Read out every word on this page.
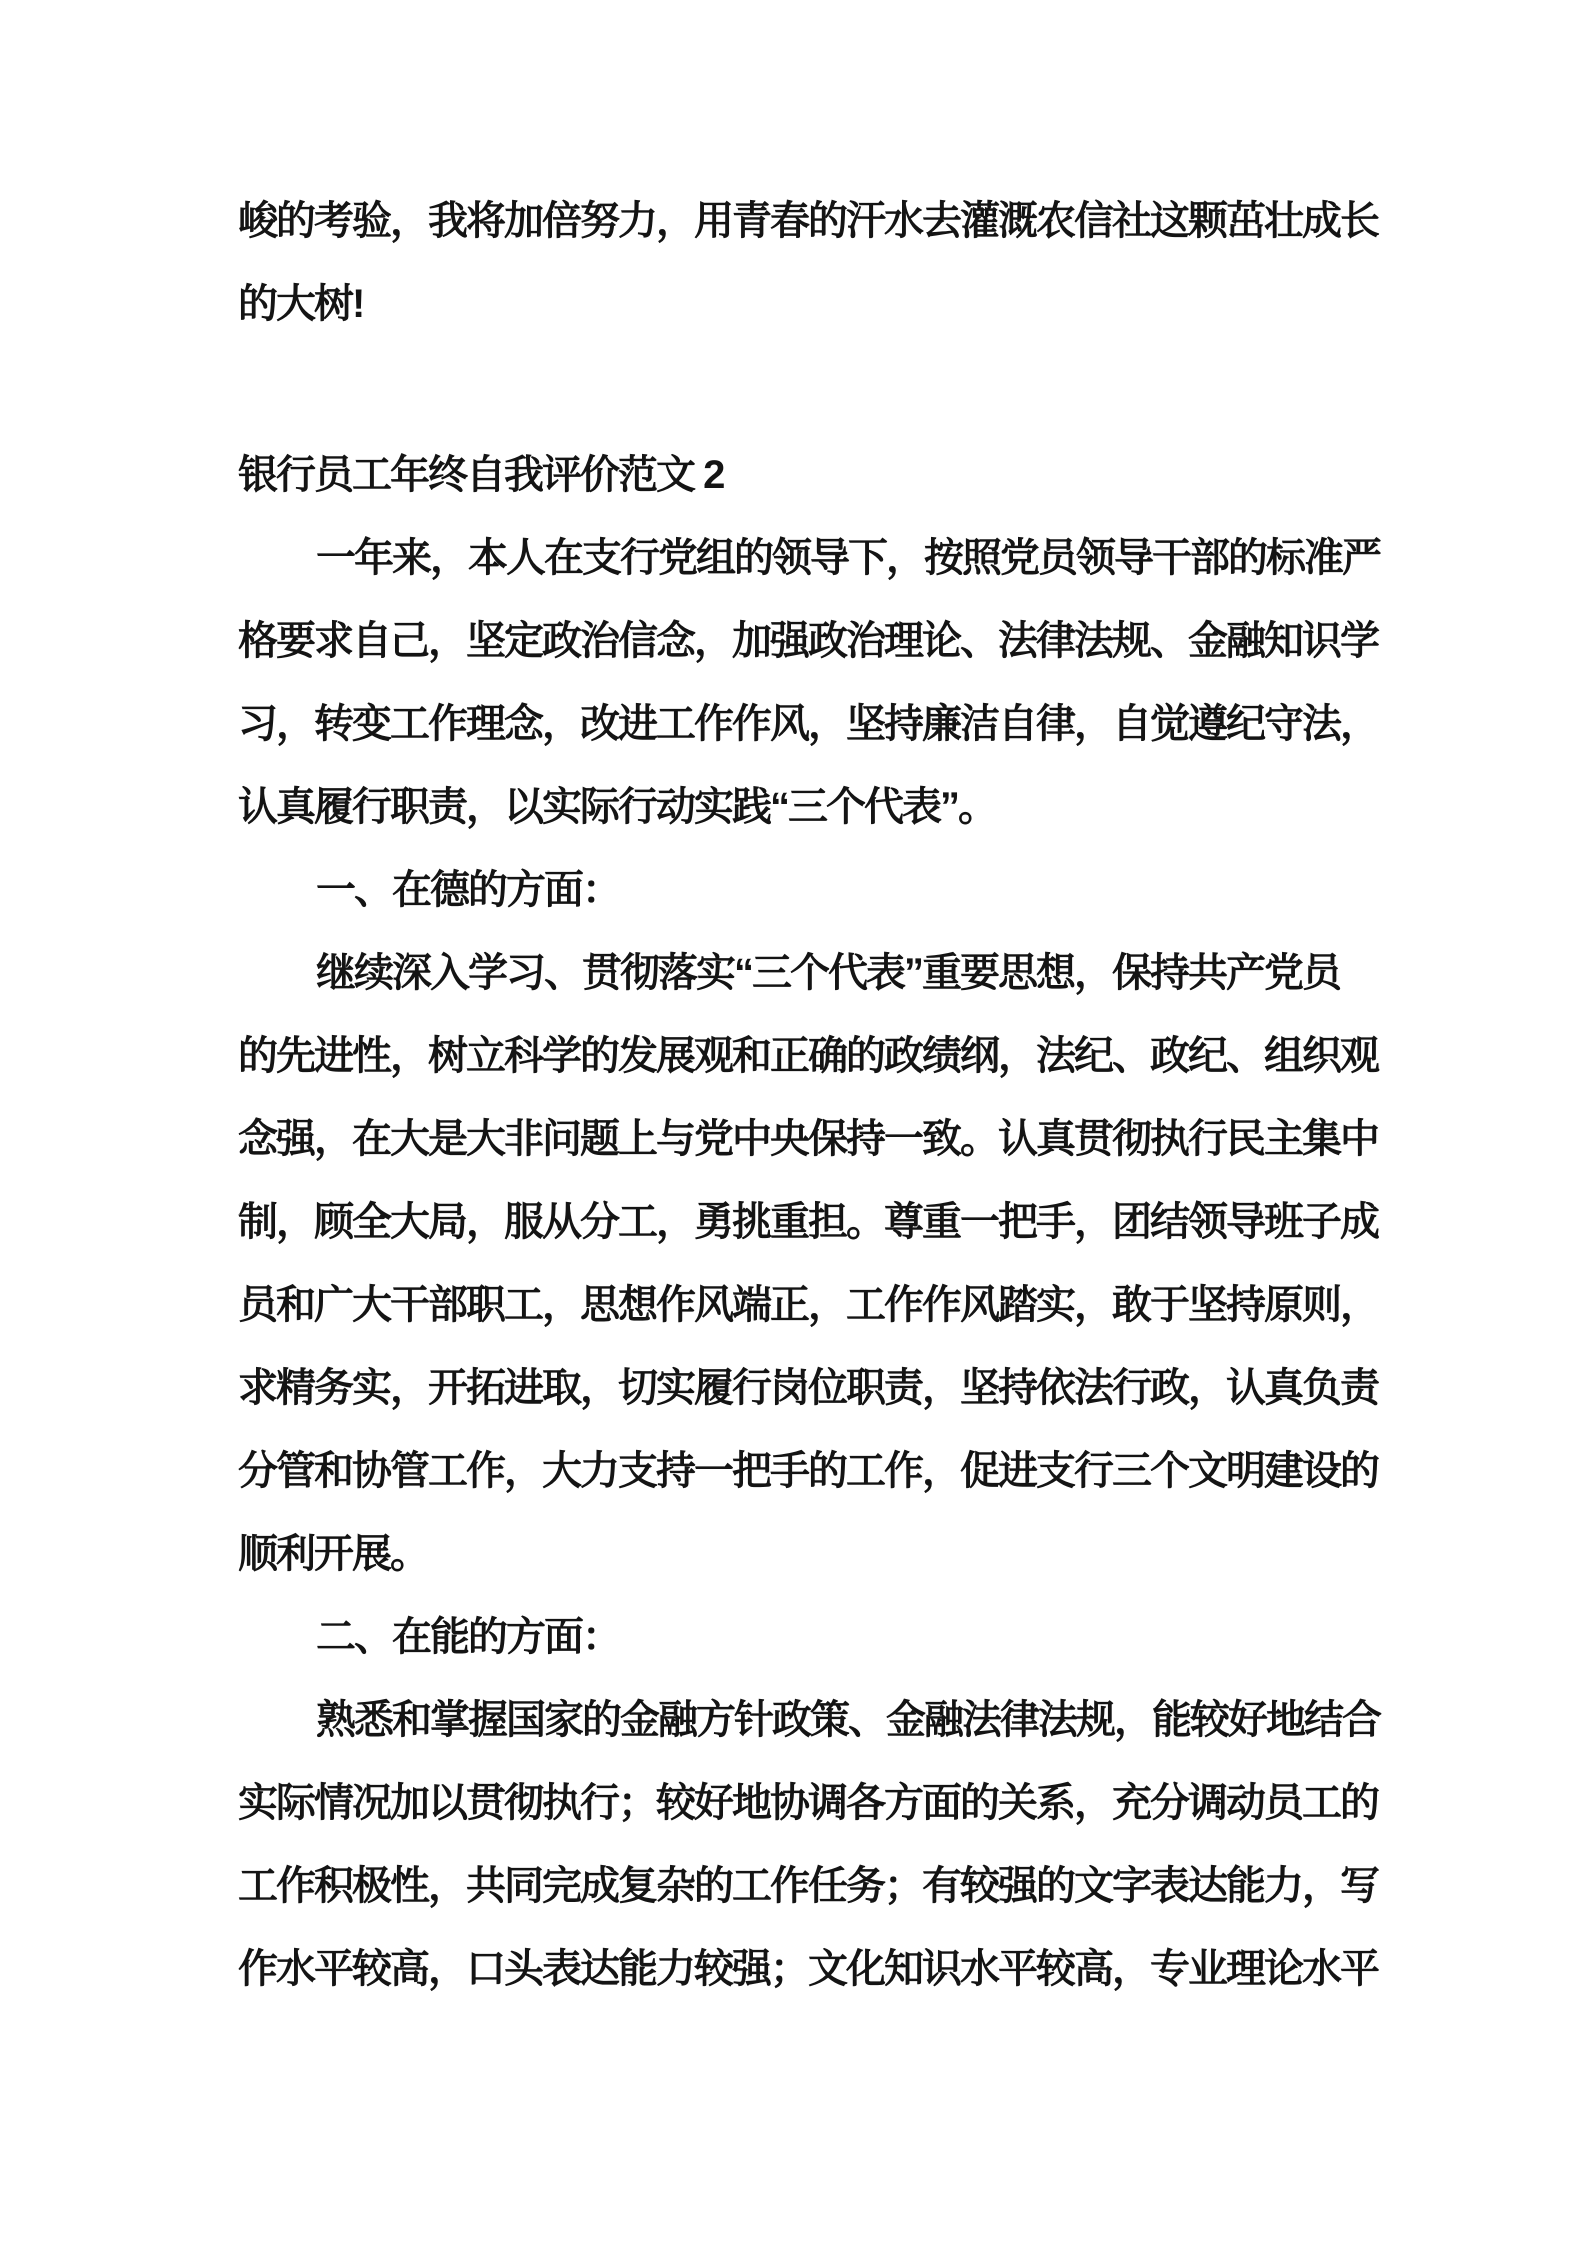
峻的考验，我将加倍努力，用青春的汗水去灌溉农信社这颗茁壮成长
的大树!
银行员工年终自我评价范文 2
一年来，本人在支行党组的领导下，按照党员领导干部的标准严
格要求自己，坚定政治信念，加强政治理论、法律法规、金融知识学
习，转变工作理念，改进工作作风，坚持廉洁自律，自觉遵纪守法，
认真履行职责，以实际行动实践“三个代表”。
一、在德的方面：
继续深入学习、贯彻落实“三个代表”重要思想，保持共产党员
的先进性，树立科学的发展观和正确的政绩纲，法纪、政纪、组织观
念强，在大是大非问题上与党中央保持一致。认真贯彻执行民主集中
制，顾全大局，服从分工，勇挑重担。尊重一把手，团结领导班子成
员和广大干部职工，思想作风端正，工作作风踏实，敢于坚持原则，
求精务实，开拓进取，切实履行岗位职责，坚持依法行政，认真负责
分管和协管工作，大力支持一把手的工作，促进支行三个文明建设的
顺利开展。
二、在能的方面：
熟悉和掌握国家的金融方针政策、金融法律法规，能较好地结合
实际情况加以贯彻执行；较好地协调各方面的关系，充分调动员工的
工作积极性，共同完成复杂的工作任务；有较强的文字表达能力，写
作水平较高，口头表达能力较强；文化知识水平较高，专业理论水平
